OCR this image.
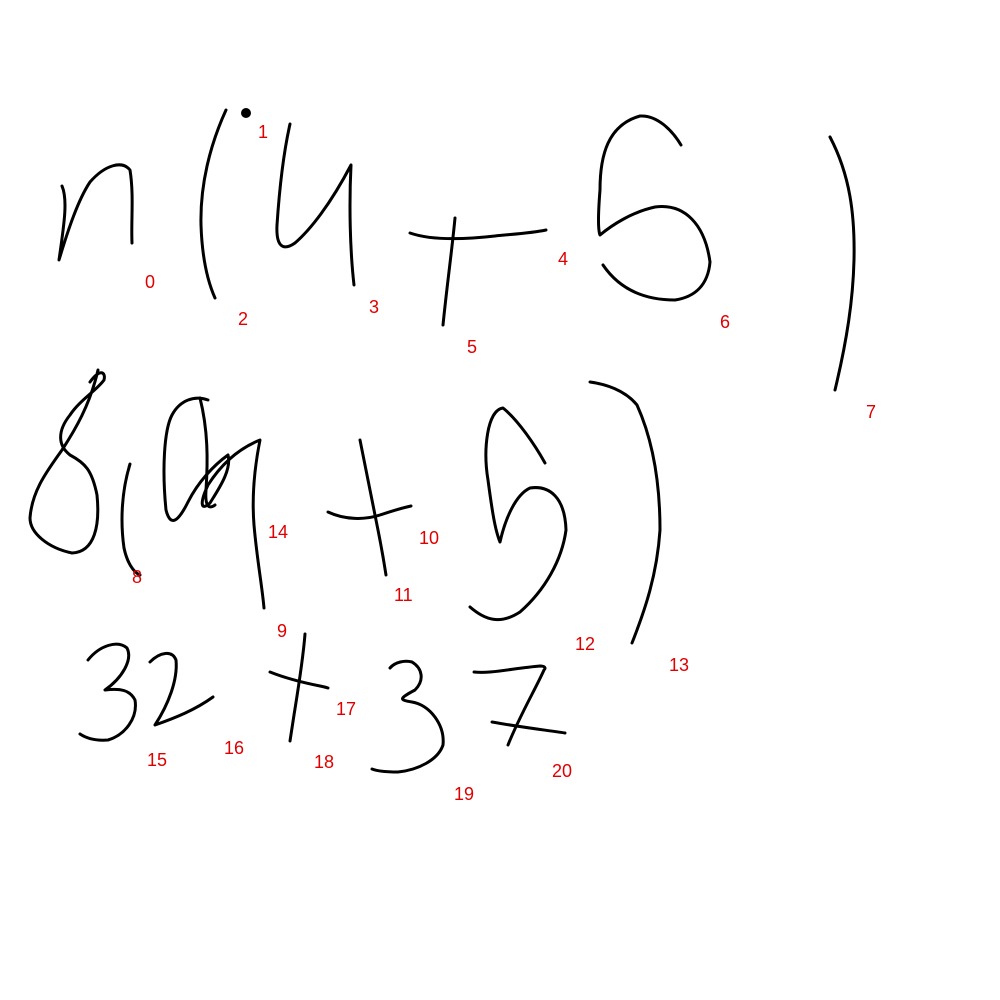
0
1
2
3
4
5
6
7
8
9
10
11
12
13
14
15
16
17
18
19
20
